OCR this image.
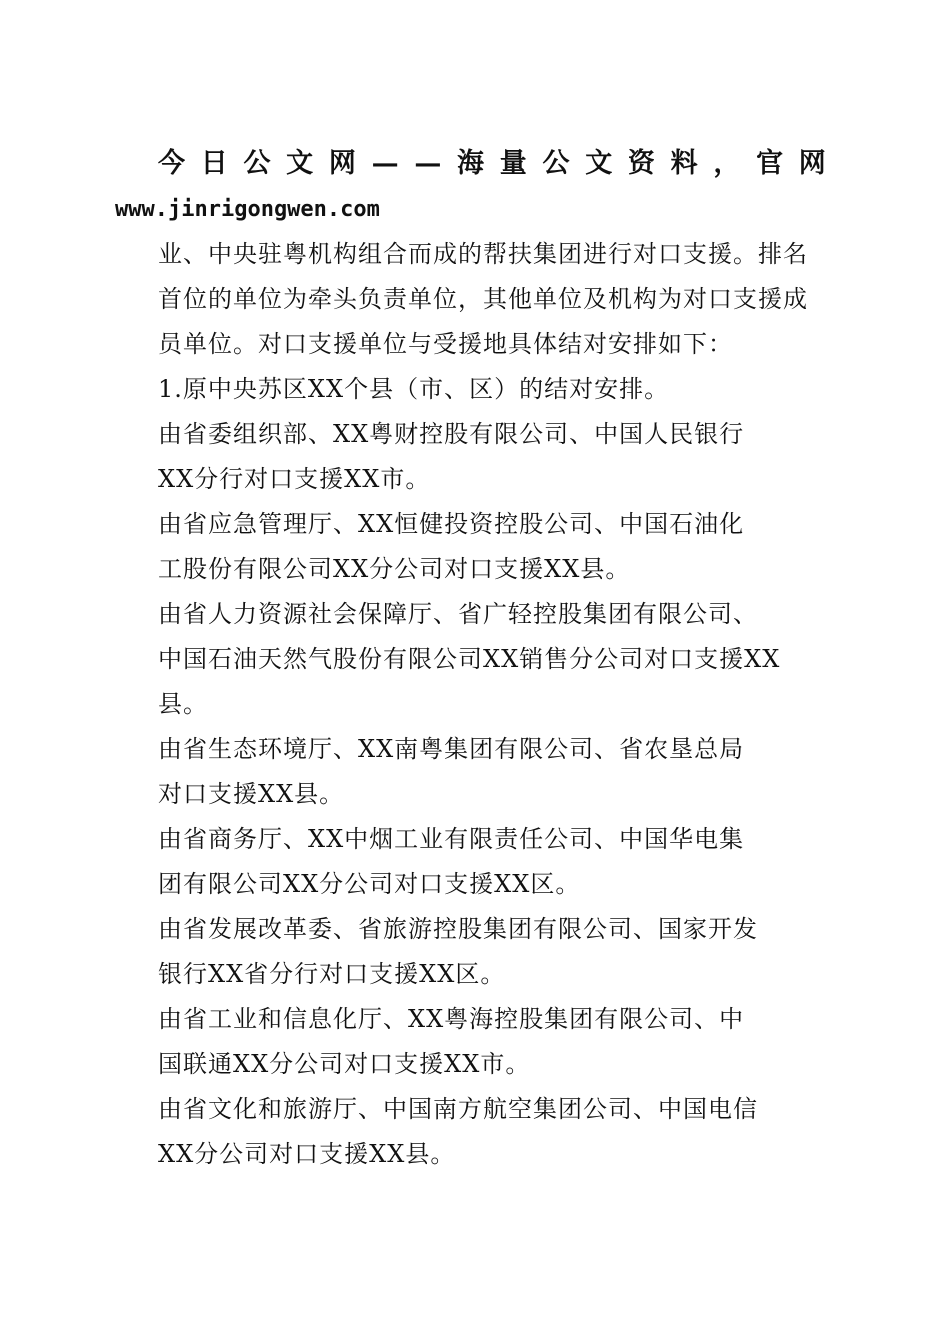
今 日 公 文 网 — — 海 量 公 文 资 料 ， 官 网
www.jinrigongwen.com
业、中央驻粤机构组合而成的帮扶集团进行对口支援。排名
首位的单位为牵头负责单位，其他单位及机构为对口支援成
员单位。对口支援单位与受援地具体结对安排如下：
1.原中央苏区XX个县（市、区）的结对安排。
由省委组织部、XX粤财控股有限公司、中国人民银行
XX分行对口支援XX市。
由省应急管理厅、XX恒健投资控股公司、中国石油化
工股份有限公司XX分公司对口支援XX县。
由省人力资源社会保障厅、省广轻控股集团有限公司、
中国石油天然气股份有限公司XX销售分公司对口支援XX
县。
由省生态环境厅、XX南粤集团有限公司、省农垦总局
对口支援XX县。
由省商务厅、XX中烟工业有限责任公司、中国华电集
团有限公司XX分公司对口支援XX区。
由省发展改革委、省旅游控股集团有限公司、国家开发
银行XX省分行对口支援XX区。
由省工业和信息化厅、XX粤海控股集团有限公司、中
国联通XX分公司对口支援XX市。
由省文化和旅游厅、中国南方航空集团公司、中国电信
XX分公司对口支援XX县。
